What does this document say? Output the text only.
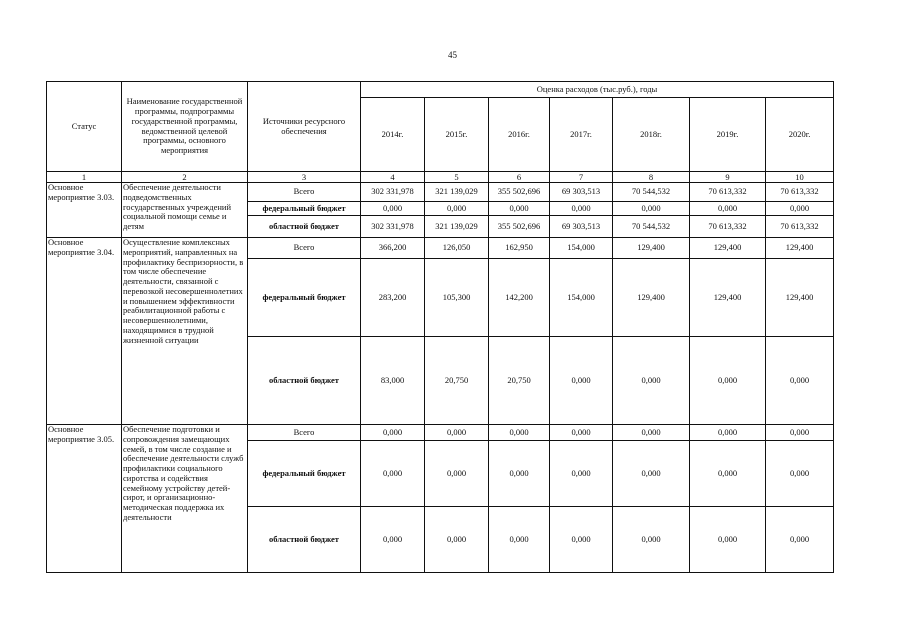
45
Статус	Наименование государственной программы, подпрограммы государственной программы, ведомственной целевой программы, основного мероприятия	Источники ресурсного обеспечения	Оценка расходов (тыс.руб.), годы						
			2014г.	2015г.	2016г.	2017г.	2018г.	2019г.	2020г.
1	2	3	4	5	6	7	8	9	10
Основное мероприятие 3.03.	Обеспечение деятельности подведомственных государственных учреждений социальной помощи семье и детям	Всего	302 331,978	321 139,029	355 502,696	69 303,513	70 544,532	70 613,332	70 613,332
		федеральный бюджет	0,000	0,000	0,000	0,000	0,000	0,000	0,000
		областной бюджет	302 331,978	321 139,029	355 502,696	69 303,513	70 544,532	70 613,332	70 613,332
Основное мероприятие 3.04.	Осуществление комплексных мероприятий, направленных на профилактику беспризорности, в том числе обеспечение деятельности, связанной с перевозкой несовершеннолетних и повышением эффективности реабилитационной работы с несовершеннолетними, находящимися в трудной жизненной ситуации	Всего	366,200	126,050	162,950	154,000	129,400	129,400	129,400
		федеральный бюджет	283,200	105,300	142,200	154,000	129,400	129,400	129,400
		областной бюджет	83,000	20,750	20,750	0,000	0,000	0,000	0,000
Основное мероприятие 3.05.	Обеспечение подготовки и сопровождения замещающих семей, в том числе создание и обеспечение деятельности служб профилактики социального сиротства и содействия семейному устройству детей-сирот, и организационно-методическая поддержка их деятельности	Всего	0,000	0,000	0,000	0,000	0,000	0,000	0,000
		федеральный бюджет	0,000	0,000	0,000	0,000	0,000	0,000	0,000
		областной бюджет	0,000	0,000	0,000	0,000	0,000	0,000	0,000
